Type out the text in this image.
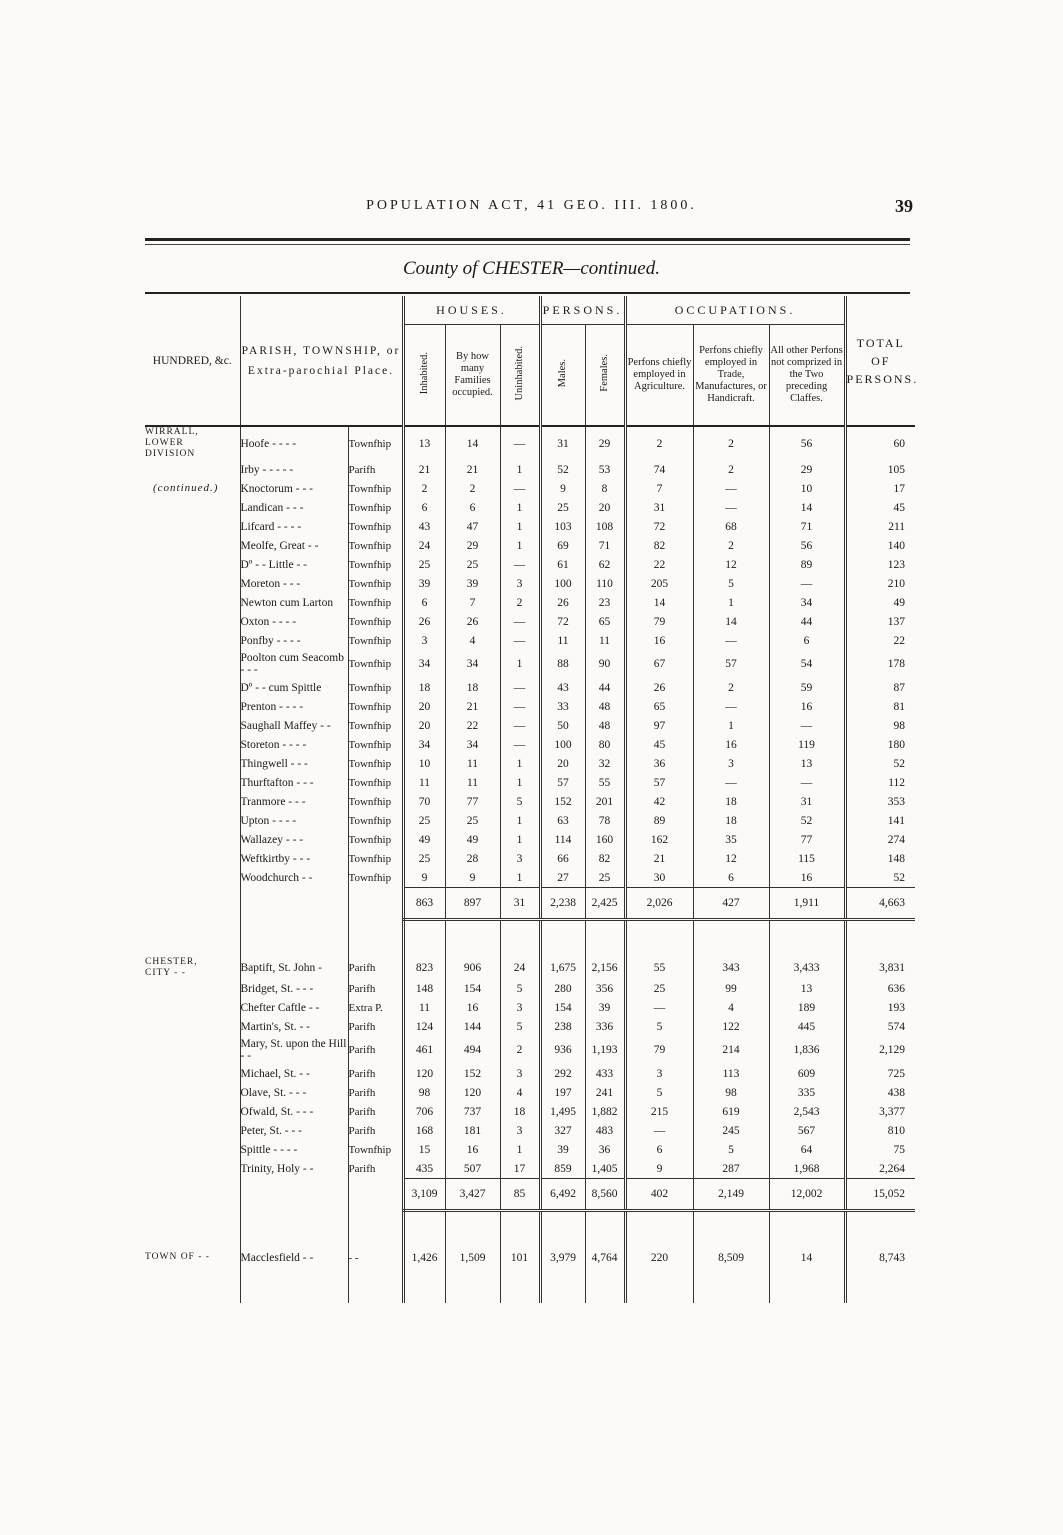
POPULATION ACT, 41 GEO. III. 1800.	39
County of CHESTER—continued.
HUNDRED, &c.	PARISH, TOWNSHIP, or Extra-parochial Place.		HOUSES.			PERSONS.		OCCUPATIONS.			TOTAL OF PERSONS.
			Inhabited.	By how many Families occupied.	Uninhabited.	Males.	Females.	Perfons chiefly employed in Agriculture.	Perfons chiefly employed in Trade, Manufactures, or Handicraft.	All other Perfons not comprized in the Two preceding Claffes.	

WIRRALL,
LOWER
DIVISION	Hoofe - - - -	Townfhip	13	14	—	31	29	2	2	56	60
	Irby - - - - -	Parifh	21	21	1	52	53	74	2	29	105

(continued.)	Knoctorum - - -	Townfhip	2	2	—	9	8	7	—	10	17
	Landican - - -	Townfhip	6	6	1	25	20	31	—	14	45
	Lifcard - - - -	Townfhip	43	47	1	103	108	72	68	71	211
	Meolfe, Great - -	Townfhip	24	29	1	69	71	82	2	56	140
	Dº - - Little - -	Townfhip	25	25	—	61	62	22	12	89	123
	Moreton - - -	Townfhip	39	39	3	100	110	205	5	—	210
	Newton cum Larton	Townfhip	6	7	2	26	23	14	1	34	49
	Oxton - - - -	Townfhip	26	26	—	72	65	79	14	44	137
	Ponfby - - - -	Townfhip	3	4	—	11	11	16	—	6	22
	Poolton cum Seacomb - - -	Townfhip	34	34	1	88	90	67	57	54	178
	Dº - - cum Spittle	Townfhip	18	18	—	43	44	26	2	59	87
	Prenton - - - -	Townfhip	20	21	—	33	48	65	—	16	81
	Saughall Maffey - -	Townfhip	20	22	—	50	48	97	1	—	98
	Storeton - - - -	Townfhip	34	34	—	100	80	45	16	119	180
	Thingwell - - -	Townfhip	10	11	1	20	32	36	3	13	52
	Thurftafton - - -	Townfhip	11	11	1	57	55	57	—	—	112
	Tranmore - - -	Townfhip	70	77	5	152	201	42	18	31	353
	Upton - - - -	Townfhip	25	25	1	63	78	89	18	52	141
	Wallazey - - -	Townfhip	49	49	1	114	160	162	35	77	274
	Weftkirtby - - -	Townfhip	25	28	3	66	82	21	12	115	148
	Woodchurch - -	Townfhip	9	9	1	27	25	30	6	16	52
			863	897	31	2,238	2,425	2,026	427	1,911	4,663

CHESTER,
CITY - -	Baptift, St. John -	Parifh	823	906	24	1,675	2,156	55	343	3,433	3,831
	Bridget, St. - - -	Parifh	148	154	5	280	356	25	99	13	636
	Chefter Caftle - -	Extra P.	11	16	3	154	39	—	4	189	193
	Martin's, St. - -	Parifh	124	144	5	238	336	5	122	445	574
	Mary, St. upon the Hill - -	Parifh	461	494	2	936	1,193	79	214	1,836	2,129
	Michael, St. - -	Parifh	120	152	3	292	433	3	113	609	725
	Olave, St. - - -	Parifh	98	120	4	197	241	5	98	335	438
	Ofwald, St. - - -	Parifh	706	737	18	1,495	1,882	215	619	2,543	3,377
	Peter, St. - - -	Parifh	168	181	3	327	483	—	245	567	810
	Spittle - - - -	Townfhip	15	16	1	39	36	6	5	64	75
	Trinity, Holy - -	Parifh	435	507	17	859	1,405	9	287	1,968	2,264
			3,109	3,427	85	6,492	8,560	402	2,149	12,002	15,052

TOWN OF - -	Macclesfield - -	- -	1,426	1,509	101	3,979	4,764	220	8,509	14	8,743
